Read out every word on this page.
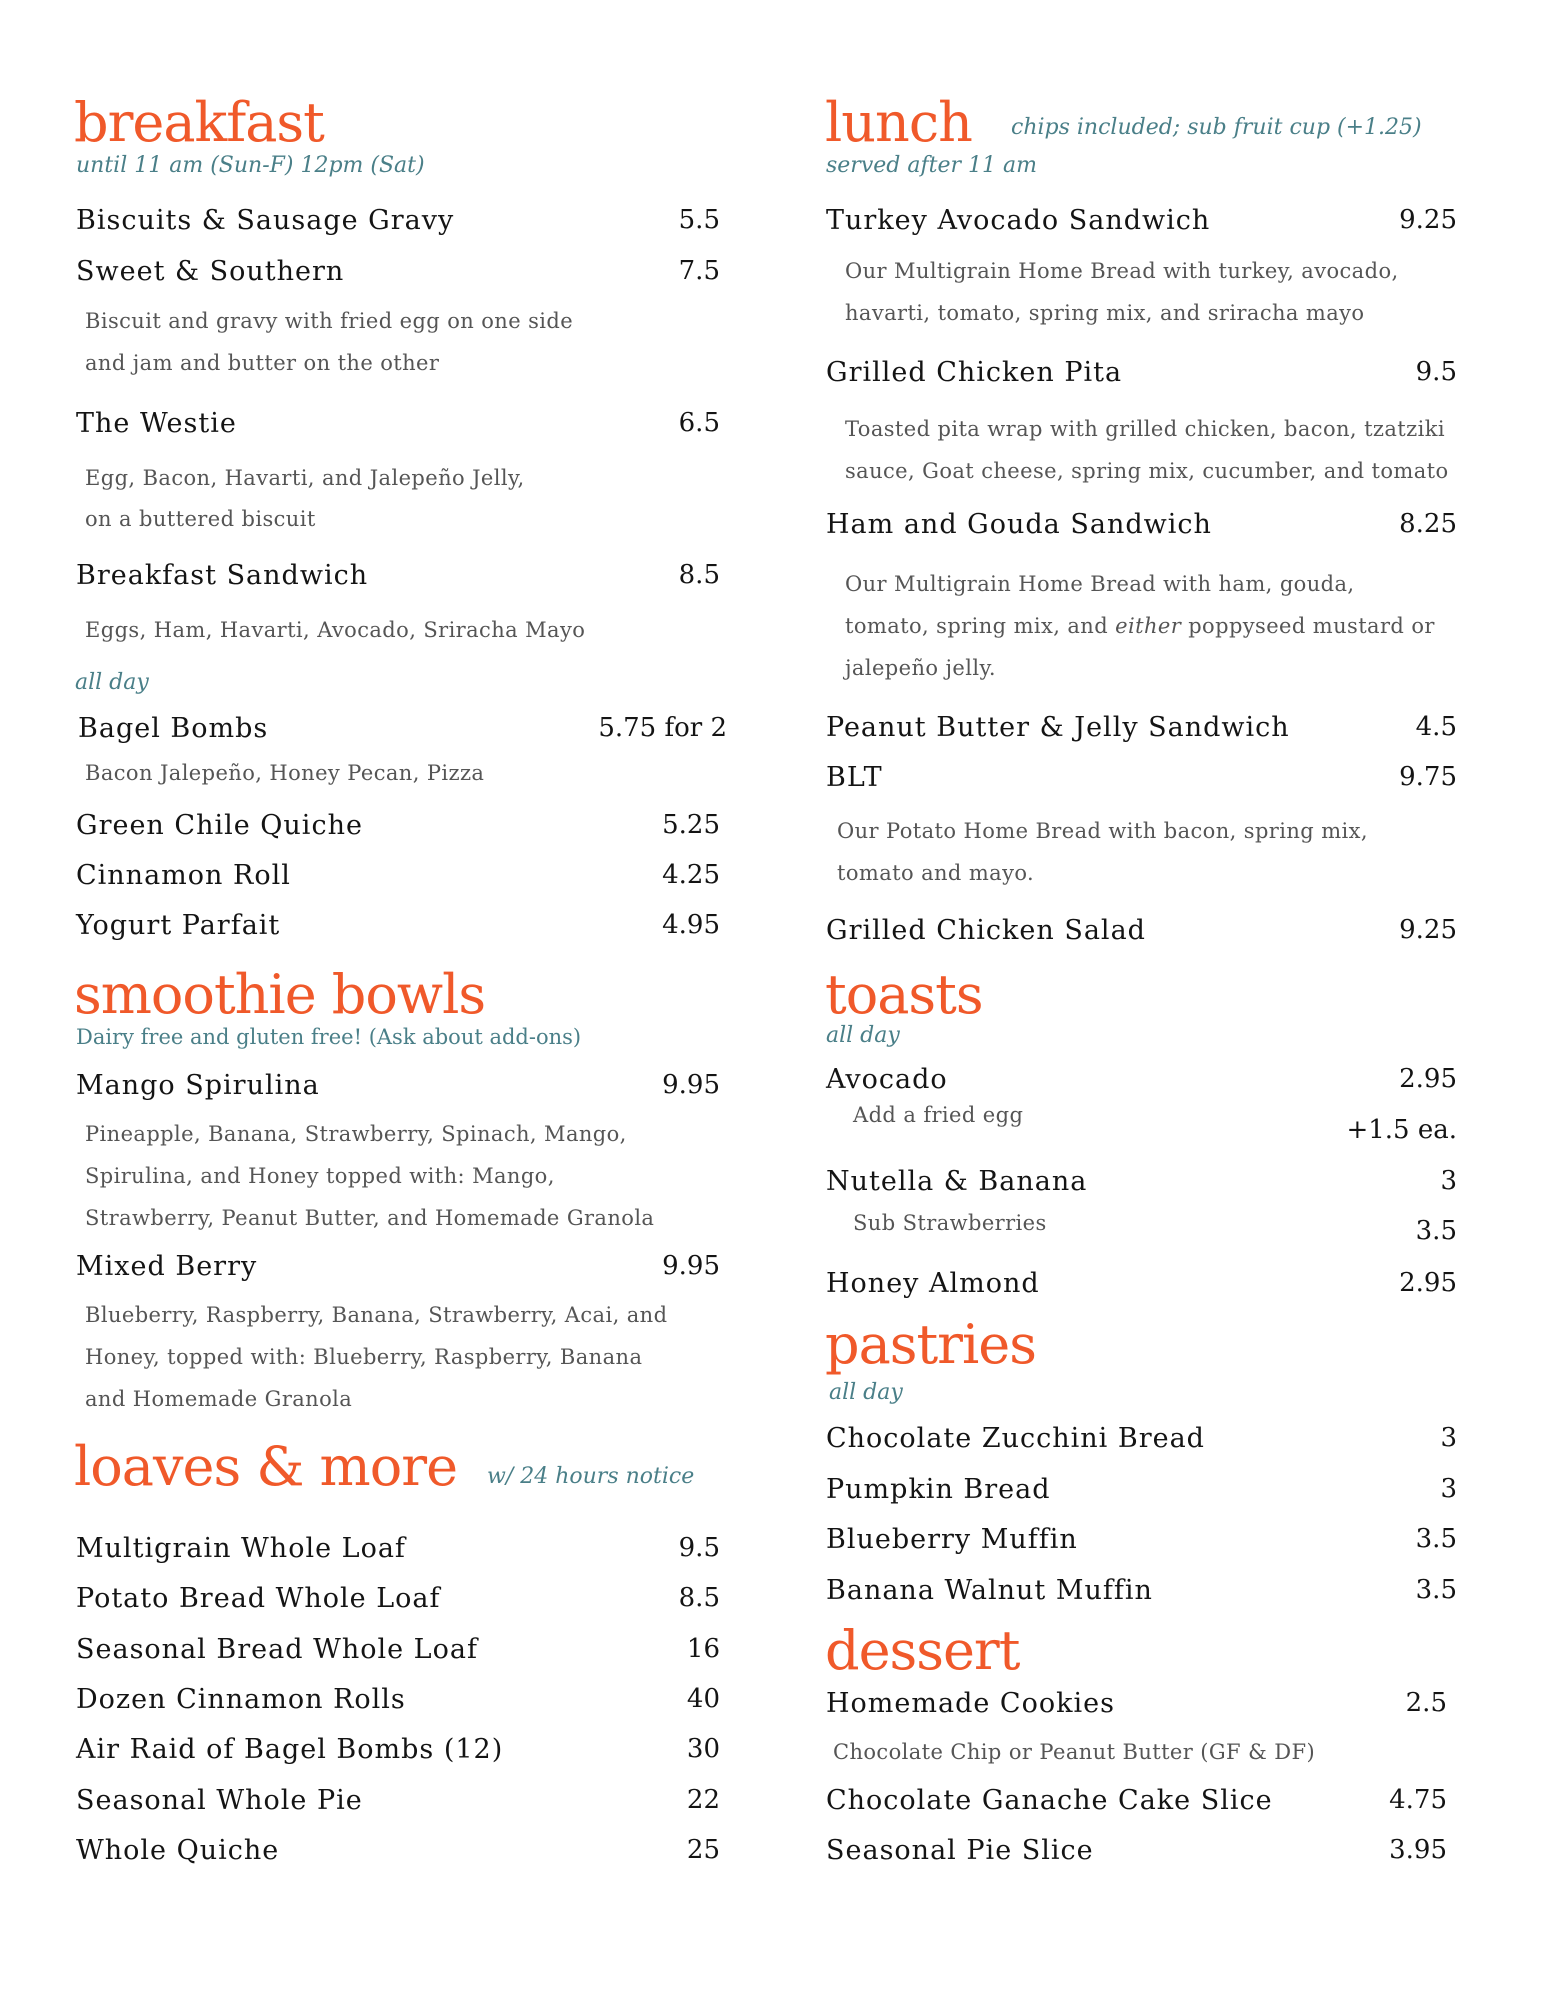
breakfast
until 11 am (Sun-F) 12pm (Sat)
Biscuits & Sausage Gravy	5.5
Sweet & Southern	7.5
Biscuit and gravy with fried egg on one side
and jam and butter on the other
The Westie	6.5
Egg, Bacon, Havarti, and Jalepeño Jelly,
on a buttered biscuit
Breakfast Sandwich	8.5
Eggs, Ham, Havarti, Avocado, Sriracha Mayo
all day
Bagel Bombs	5.75 for 2
Bacon Jalepeño, Honey Pecan, Pizza
Green Chile Quiche	5.25
Cinnamon Roll	4.25
Yogurt Parfait	4.95
smoothie bowls
Dairy free and gluten free! (Ask about add-ons)
Mango Spirulina	9.95
Pineapple, Banana, Strawberry, Spinach, Mango,
Spirulina, and Honey topped with: Mango,
Strawberry, Peanut Butter, and Homemade Granola
Mixed Berry	9.95
Blueberry, Raspberry, Banana, Strawberry, Acai, and
Honey, topped with: Blueberry, Raspberry, Banana
and Homemade Granola
loaves & more w/ 24 hours notice
Multigrain Whole Loaf	9.5
Potato Bread Whole Loaf	8.5
Seasonal Bread Whole Loaf	16
Dozen Cinnamon Rolls	40
Air Raid of Bagel Bombs (12)	30
Seasonal Whole Pie	22
Whole Quiche	25
lunch chips included; sub fruit cup (+1.25)
served after 11 am
Turkey Avocado Sandwich	9.25
Our Multigrain Home Bread with turkey, avocado,
havarti, tomato, spring mix, and sriracha mayo
Grilled Chicken Pita	9.5
Toasted pita wrap with grilled chicken, bacon, tzatziki
sauce, Goat cheese, spring mix, cucumber, and tomato
Ham and Gouda Sandwich	8.25
Our Multigrain Home Bread with ham, gouda,
tomato, spring mix, and either poppyseed mustard or
jalepeño jelly.
Peanut Butter & Jelly Sandwich	4.5
BLT	9.75
Our Potato Home Bread with bacon, spring mix,
tomato and mayo.
Grilled Chicken Salad	9.25
toasts
all day
Avocado	2.95
Add a fried egg	+1.5 ea.
Nutella & Banana	3
Sub Strawberries	3.5
Honey Almond	2.95
pastries
all day
Chocolate Zucchini Bread	3
Pumpkin Bread	3
Blueberry Muffin	3.5
Banana Walnut Muffin	3.5
dessert
Homemade Cookies	2.5
Chocolate Chip or Peanut Butter (GF & DF)
Chocolate Ganache Cake Slice	4.75
Seasonal Pie Slice	3.95
